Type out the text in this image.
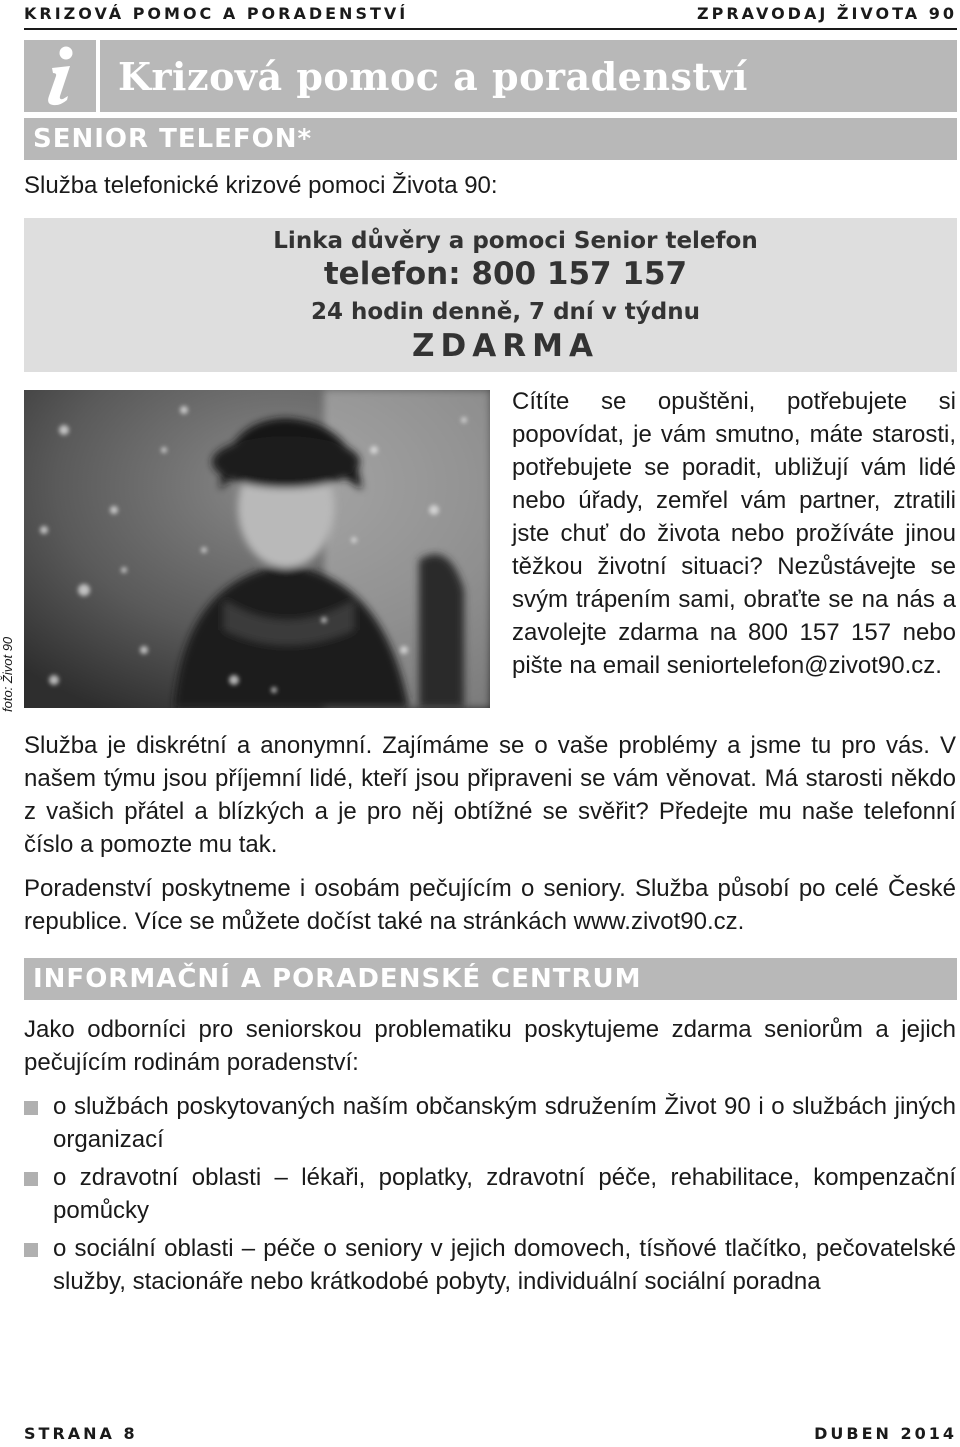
KRIZOVÁ POMOC A PORADENSTVÍ	ZPRAVODAJ ŽIVOTA 90
Krizová pomoc a poradenství
SENIOR TELEFON*
Služba telefonické krizové pomoci Života 90:
Linka důvěry a pomoci Senior telefon
telefon: 800 157 157
24 hodin denně, 7 dní v týdnu
ZDARMA
foto: Život 90

Cítíte se opuštěni, potřebujete si popovídat, je vám smutno, máte starosti, potřebujete se poradit, ubližují vám lidé nebo úřady, zemřel vám partner, ztratili jste chuť do života nebo prožíváte jinou těžkou životní situaci? Nezůstávejte se svým trápením sami, obraťte se na nás a zavolejte zdarma na 800 157 157 nebo pište na email seniortelefon@zivot90.cz.

Služba je diskrétní a anonymní. Zajímáme se o vaše problémy a jsme tu pro vás. V našem týmu jsou příjemní lidé, kteří jsou připraveni se vám věnovat. Má starosti někdo z vašich přátel a blízkých a je pro něj obtížné se svěřit? Předejte mu naše telefonní číslo a pomozte mu tak.

Poradenství poskytneme i osobám pečujícím o seniory. Služba působí po celé České republice. Více se můžete dočíst také na stránkách www.zivot90.cz.

INFORMAČNÍ A PORADENSKÉ CENTRUM

Jako odborníci pro seniorskou problematiku poskytujeme zdarma seniorům a jejich pečujícím rodinám poradenství:

o službách poskytovaných naším občanským sdružením Život 90 i o službách jiných organizací
o zdravotní oblasti – lékaři, poplatky, zdravotní péče, rehabilitace, kompenzační pomůcky
o sociální oblasti – péče o seniory v jejich domovech, tísňové tlačítko, pečovatelské služby, stacionáře nebo krátkodobé pobyty, individuální sociální poradna
STRANA 8	DUBEN 2014
